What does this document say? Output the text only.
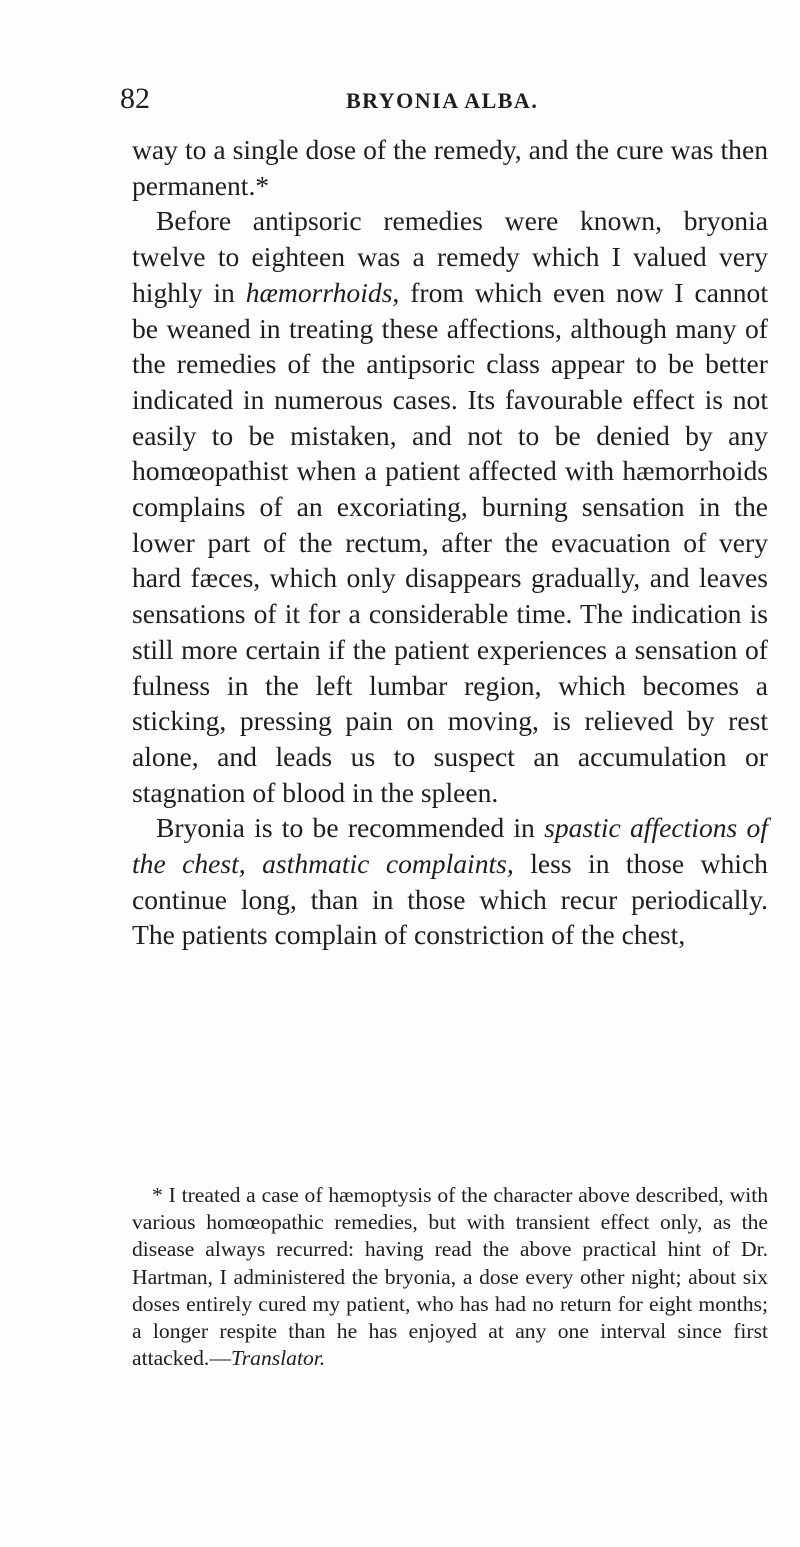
82	BRYONIA ALBA.

way to a single dose of the remedy, and the cure was then permanent.*

Before antipsoric remedies were known, bryonia twelve to eighteen was a remedy which I valued very highly in hæmorrhoids, from which even now I cannot be weaned in treating these affections, although many of the remedies of the antipsoric class appear to be better indicated in numerous cases. Its favourable effect is not easily to be mistaken, and not to be denied by any homœopathist when a patient affected with hæmorrhoids complains of an excoriating, burning sensation in the lower part of the rectum, after the evacuation of very hard fæces, which only disappears gradually, and leaves sensations of it for a considerable time. The indication is still more certain if the patient experiences a sensation of fulness in the left lumbar region, which becomes a sticking, pressing pain on moving, is relieved by rest alone, and leads us to suspect an accumulation or stagnation of blood in the spleen.

Bryonia is to be recommended in spastic affections of the chest, asthmatic complaints, less in those which continue long, than in those which recur periodically. The patients complain of constriction of the chest,

* I treated a case of hæmoptysis of the character above described, with various homœopathic remedies, but with transient effect only, as the disease always recurred: having read the above practical hint of Dr. Hartman, I administered the bryonia, a dose every other night; about six doses entirely cured my patient, who has had no return for eight months; a longer respite than he has enjoyed at any one interval since first attacked.—Translator.
